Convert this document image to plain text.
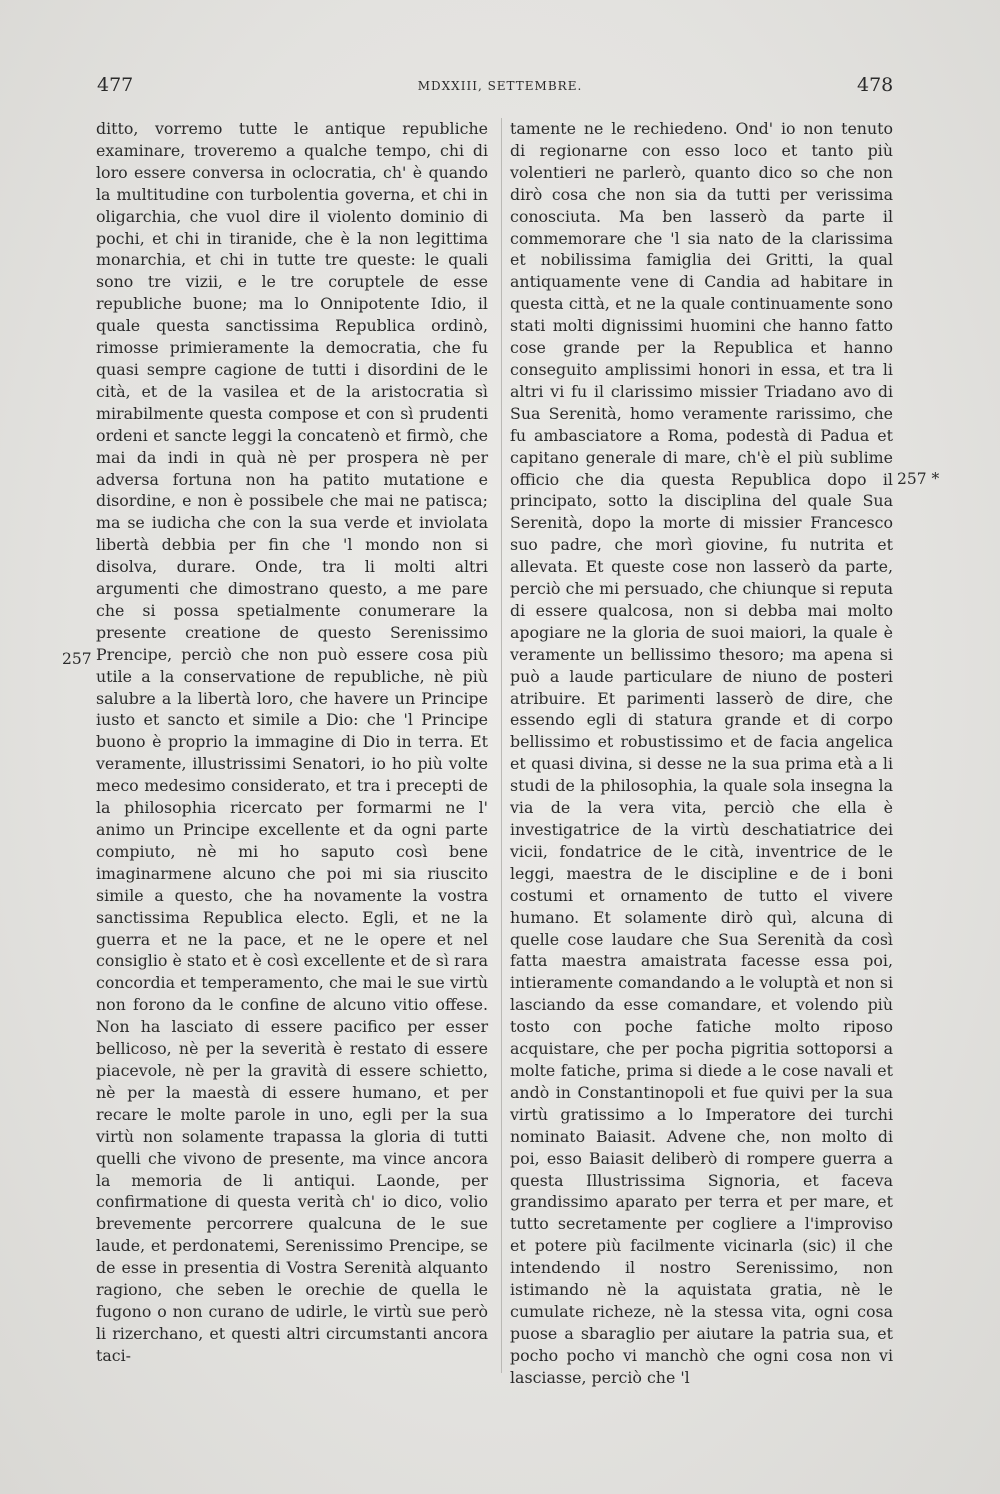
477	MDXXIII, SETTEMBRE.	478

ditto, vorremo tutte le antique republiche examinare, troveremo a qualche tempo, chi di loro essere conversa in oclocratia, ch' è quando la multitudine con turbolentia governa, et chi in oligarchia, che vuol dire il violento dominio di pochi, et chi in tiranide, che è la non legittima monarchia, et chi in tutte tre queste: le quali sono tre vizii, e le tre coruptele de esse republiche buone; ma lo Onnipotente Idio, il quale questa sanctissima Republica ordinò, rimosse primieramente la democratia, che fu quasi sempre cagione de tutti i disordini de le cità, et de la vasilea et de la aristocratia sì mirabilmente questa compose et con sì prudenti ordeni et sancte leggi la concatenò et firmò, che mai da indi in quà nè per prospera nè per adversa fortuna non ha patito mutatione e disordine, e non è possibele che mai ne patisca; ma se iudicha che con la sua verde et inviolata libertà debbia per fin che 'l mondo non si disolva, durare. Onde, tra li molti altri argumenti che dimostrano questo, a me pare che si possa spetialmente conumerare la presente creatione de questo Serenissimo Prencipe, perciò che non può essere cosa più utile a la conservatione de republiche, nè più salubre a la libertà loro, che havere un Principe iusto et sancto et simile a Dio: che 'l Principe buono è proprio la immagine di Dio in terra. Et veramente, illustrissimi Senatori, io ho più volte meco medesimo considerato, et tra i precepti de la philosophia ricercato per formarmi ne l' animo un Principe excellente et da ogni parte compiuto, nè mi ho saputo così bene imaginarmene alcuno che poi mi sia riuscito simile a questo, che ha novamente la vostra sanctissima Republica electo. Egli, et ne la guerra et ne la pace, et ne le opere et nel consiglio è stato et è così excellente et de sì rara concordia et temperamento, che mai le sue virtù non forono da le confine de alcuno vitio offese. Non ha lasciato di essere pacifico per esser bellicoso, nè per la severità è restato di essere piacevole, nè per la gravità di essere schietto, nè per la maestà di essere humano, et per recare le molte parole in uno, egli per la sua virtù non solamente trapassa la gloria di tutti quelli che vivono de presente, ma vince ancora la memoria de li antiqui. Laonde, per confirmatione di questa verità ch' io dico, volio brevemente percorrere qualcuna de le sue laude, et perdonatemi, Serenissimo Prencipe, se de esse in presentia di Vostra Serenità alquanto ragiono, che seben le orechie de quella le fugono o non curano de udirle, le virtù sue però li rizerchano, et questi altri circumstanti ancora taci-

tamente ne le rechiedeno. Ond' io non tenuto di regionarne con esso loco et tanto più volentieri ne parlerò, quanto dico so che non dirò cosa che non sia da tutti per verissima conosciuta. Ma ben lasserò da parte il commemorare che 'l sia nato de la clarissima et nobilissima famiglia dei Gritti, la qual antiquamente vene di Candia ad habitare in questa città, et ne la quale continuamente sono stati molti dignissimi huomini che hanno fatto cose grande per la Republica et hanno conseguito amplissimi honori in essa, et tra li altri vi fu il clarissimo missier Triadano avo di Sua Serenità, homo veramente rarissimo, che fu ambasciatore a Roma, podestà di Padua et capitano generale di mare, ch'è el più sublime officio che dia questa Republica dopo il principato, sotto la disciplina del quale Sua Serenità, dopo la morte di missier Francesco suo padre, che morì giovine, fu nutrita et allevata. Et queste cose non lasserò da parte, perciò che mi persuado, che chiunque si reputa di essere qualcosa, non si debba mai molto apogiare ne la gloria de suoi maiori, la quale è veramente un bellissimo thesoro; ma apena si può a laude particulare de niuno de posteri atribuire. Et parimenti lasserò de dire, che essendo egli di statura grande et di corpo bellissimo et robustissimo et de facia angelica et quasi divina, si desse ne la sua prima età a li studi de la philosophia, la quale sola insegna la via de la vera vita, perciò che ella è investigatrice de la virtù deschatiatrice dei vicii, fondatrice de le cità, inventrice de le leggi, maestra de le discipline e de i boni costumi et ornamento de tutto el vivere humano. Et solamente dirò quì, alcuna di quelle cose laudare che Sua Serenità da così fatta maestra amaistrata facesse essa poi, intieramente comandando a le voluptà et non si lasciando da esse comandare, et volendo più tosto con poche fatiche molto riposo acquistare, che per pocha pigritia sottoporsi a molte fatiche, prima si diede a le cose navali et andò in Constantinopoli et fue quivi per la sua virtù gratissimo a lo Imperatore dei turchi nominato Baiasit. Advene che, non molto di poi, esso Baiasit deliberò di rompere guerra a questa Illustrissima Signoria, et faceva grandissimo aparato per terra et per mare, et tutto secretamente per cogliere a l'improviso et potere più facilmente vicinarla (sic) il che intendendo il nostro Serenissimo, non istimando nè la aquistata gratia, nè le cumulate richeze, nè la stessa vita, ogni cosa puose a sbaraglio per aiutare la patria sua, et pocho pocho vi manchò che ogni cosa non vi lasciasse, perciò che 'l

257
257 *
